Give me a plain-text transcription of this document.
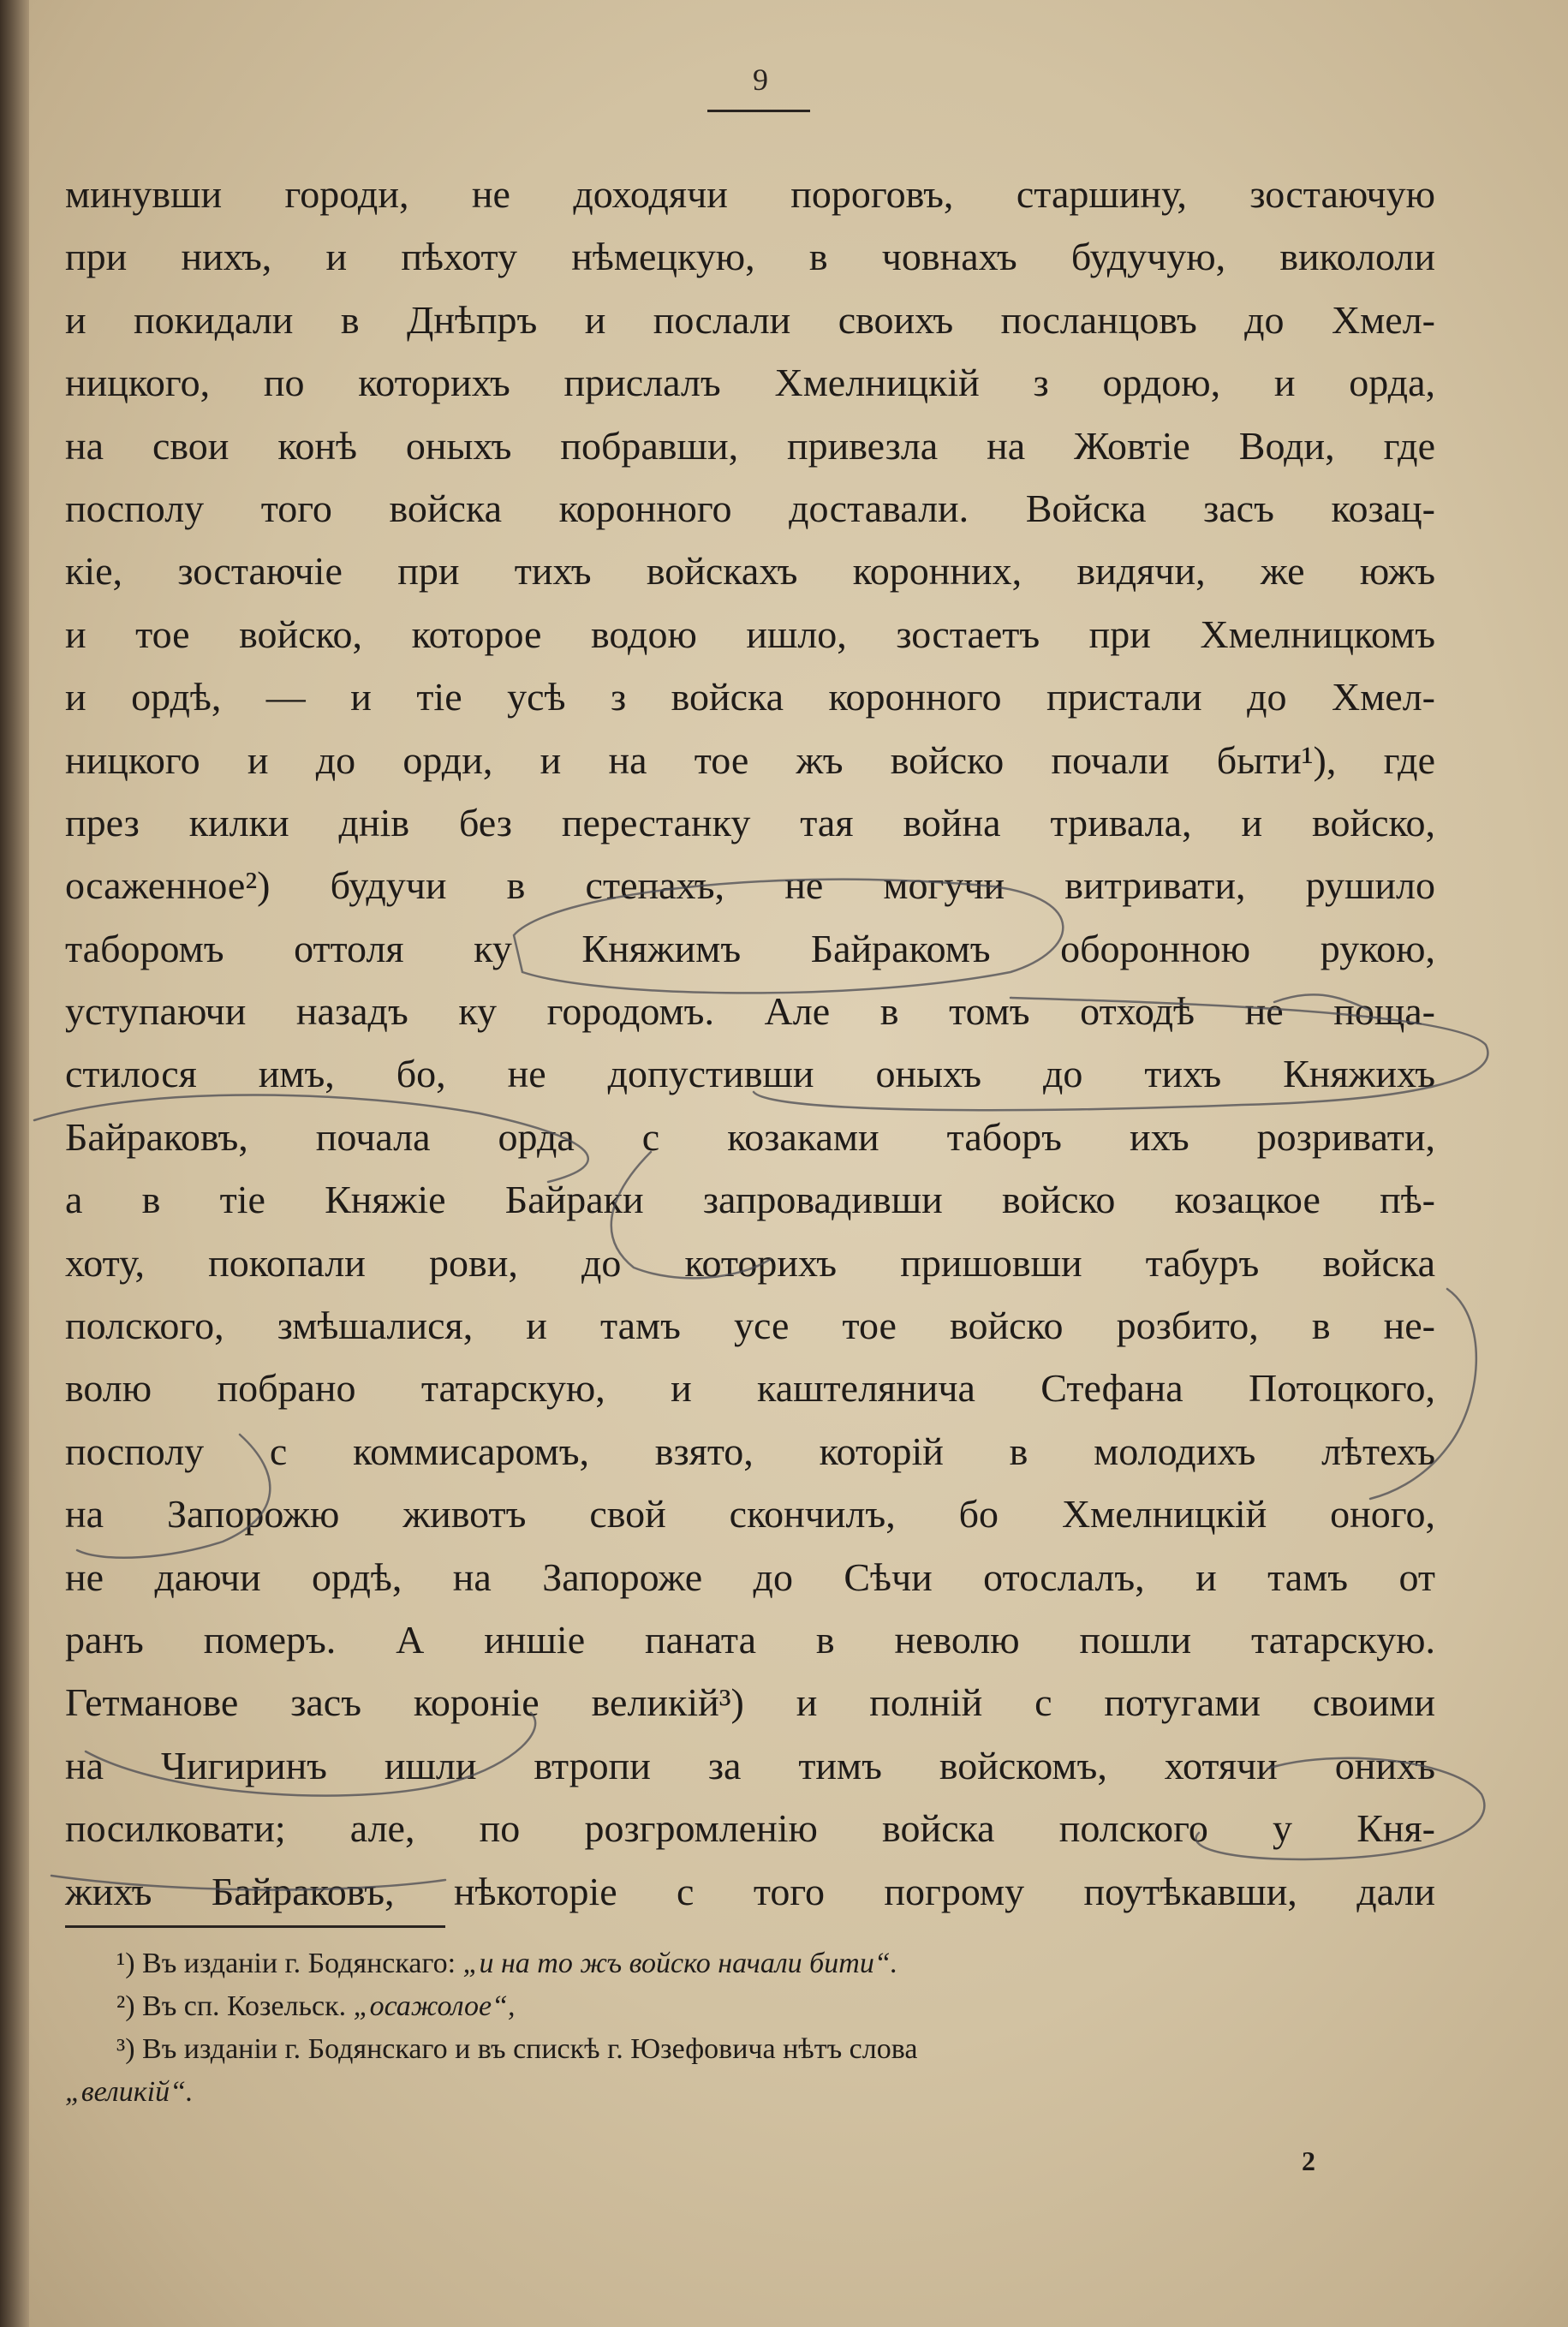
9
минувши городи, не доходячи пороговъ, старшину, зостаючую
при нихъ, и пѣхоту нѣмецкую, в човнахъ будучую, викололи
и покидали в Днѣпръ и послали своихъ посланцовъ до Хмел-
ницкого, по которихъ прислалъ Хмелницкій з ордою, и орда,
на свои конѣ оныхъ побравши, привезла на Жовтіе Води, где
посполу того войска коронного доставали. Войска засъ козац-
кіе, зостаючіе при тихъ войскахъ коронних, видячи, же южъ
и тое войско, которое водою ишло, зостаетъ при Хмелницкомъ
и ордѣ, — и тіе усѣ з войска коронного пристали до Хмел-
ницкого и до орди, и на тое жъ войско почали быти¹), где
през килки днів без перестанку тая война тривала, и войско,
осаженное²) будучи в степахъ, не могучи витривати, рушило
таборомъ оттоля ку Княжимъ Байракомъ оборонною рукою,
уступаючи назадъ ку городомъ. Але в томъ отходѣ не поща-
стилося имъ, бо, не допустивши оныхъ до тихъ Княжихъ
Байраковъ, почала орда с козаками таборъ ихъ розривати,
а в тіе Княжіе Байраки запровадивши войско козацкое пѣ-
хоту, покопали рови, до которихъ пришовши табуръ войска
полского, змѣшалися, и тамъ усе тое войско розбито, в не-
волю побрано татарскую, и каштелянича Стефана Потоцкого,
посполу с коммисаромъ, взято, которій в молодихъ лѣтехъ
на Запорожю животъ свой скончилъ, бо Хмелницкій оного,
не даючи ордѣ, на Запороже до Сѣчи отослалъ, и тамъ от
ранъ померъ. А иншіе паната в неволю пошли татарскую.
Гетманове засъ короніе великій³) и полній с потугами своими
на Чигиринъ ишли втропи за тимъ войскомъ, хотячи онихъ
посилковати; але, по розгромленію войска полского у Кня-
жихъ Байраковъ, нѣкоторіе с того погрому поутѣкавши, дали
¹) Въ изданіи г. Бодянскаго: „и на то жъ войско начали бити“.
²) Въ сп. Козельск. „осажолое“,
³) Въ изданіи г. Бодянскаго и въ спискѣ г. Юзефовича нѣтъ слова
„великій“.
2
